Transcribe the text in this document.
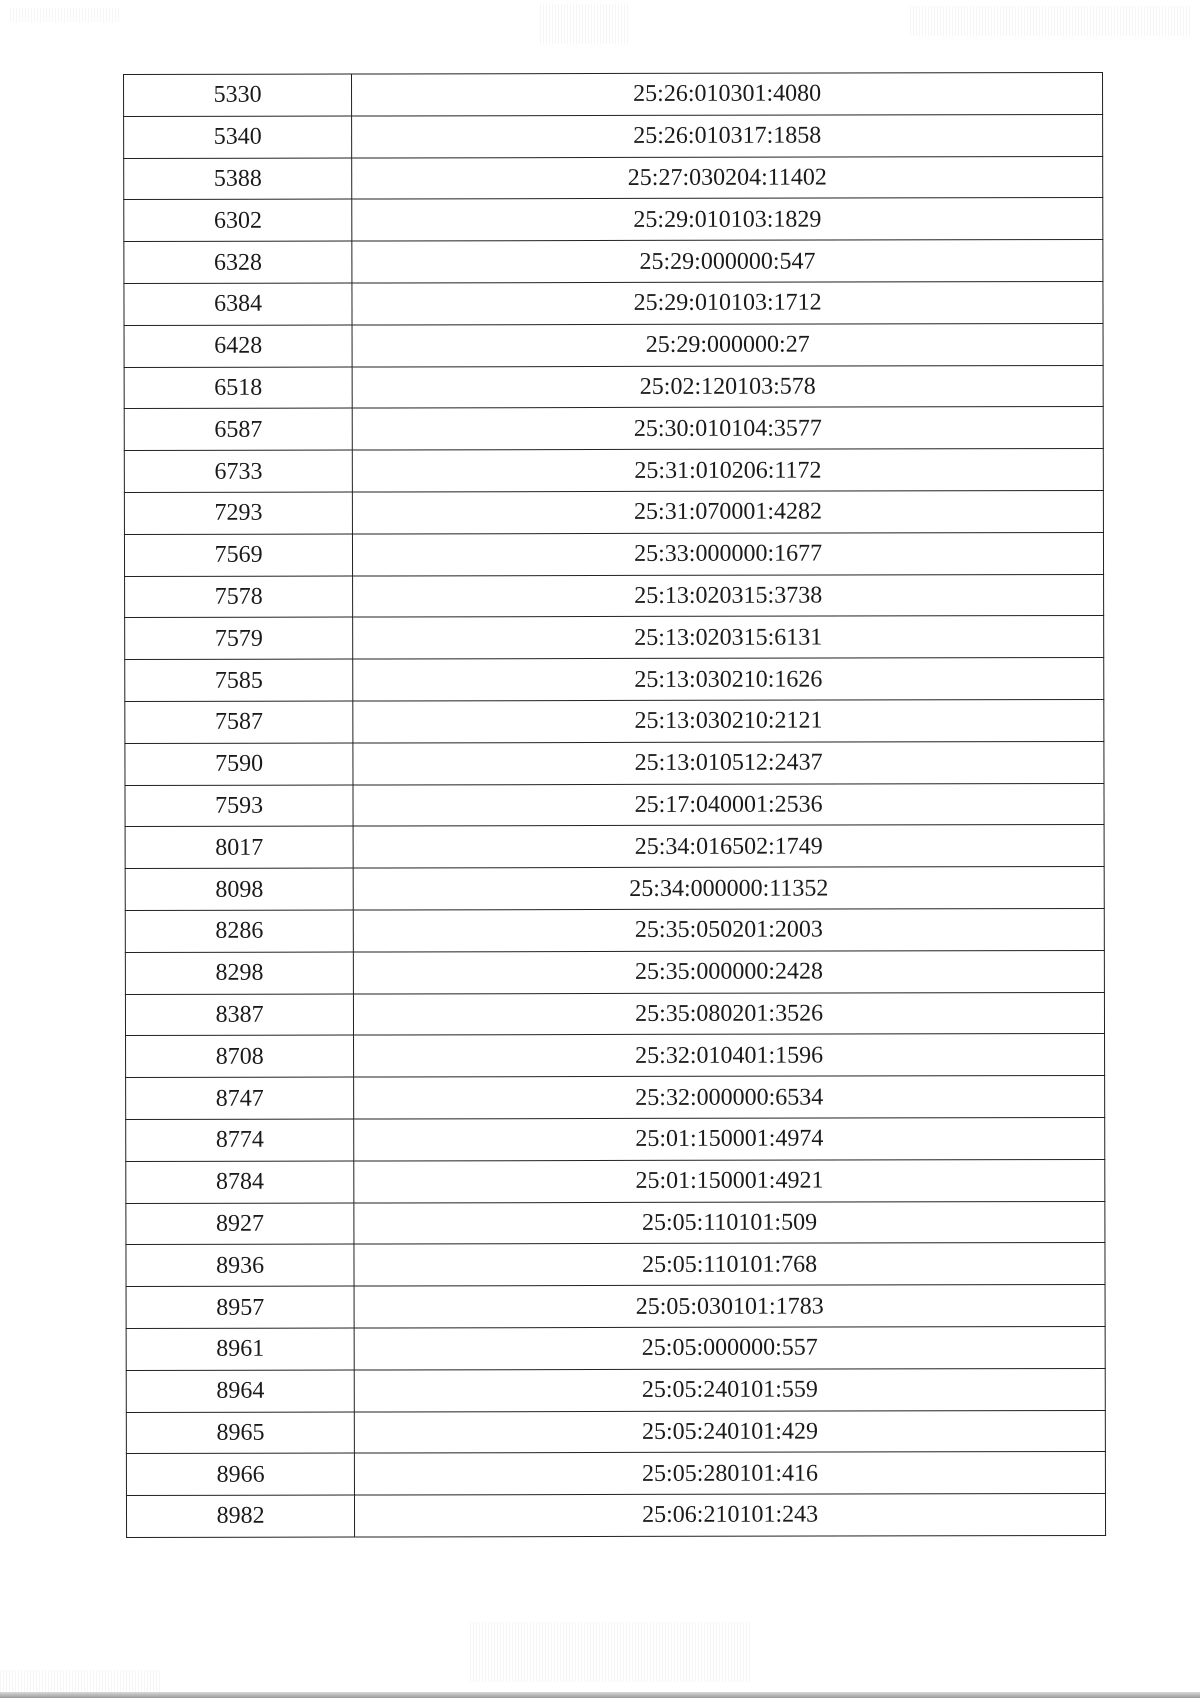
5330	25:26:010301:4080
5340	25:26:010317:1858
5388	25:27:030204:11402
6302	25:29:010103:1829
6328	25:29:000000:547
6384	25:29:010103:1712
6428	25:29:000000:27
6518	25:02:120103:578
6587	25:30:010104:3577
6733	25:31:010206:1172
7293	25:31:070001:4282
7569	25:33:000000:1677
7578	25:13:020315:3738
7579	25:13:020315:6131
7585	25:13:030210:1626
7587	25:13:030210:2121
7590	25:13:010512:2437
7593	25:17:040001:2536
8017	25:34:016502:1749
8098	25:34:000000:11352
8286	25:35:050201:2003
8298	25:35:000000:2428
8387	25:35:080201:3526
8708	25:32:010401:1596
8747	25:32:000000:6534
8774	25:01:150001:4974
8784	25:01:150001:4921
8927	25:05:110101:509
8936	25:05:110101:768
8957	25:05:030101:1783
8961	25:05:000000:557
8964	25:05:240101:559
8965	25:05:240101:429
8966	25:05:280101:416
8982	25:06:210101:243
